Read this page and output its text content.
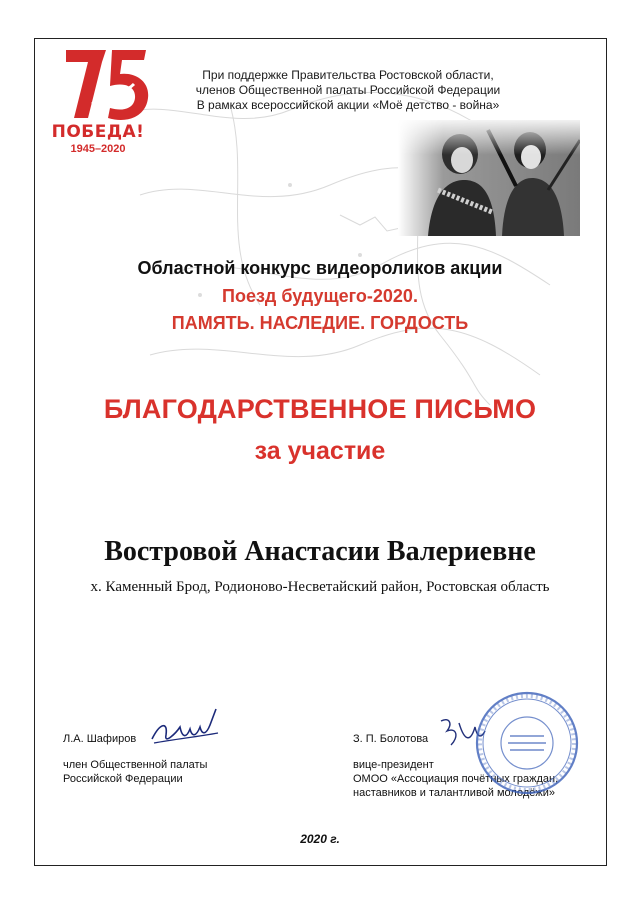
ПОБЕДА!
1945–2020
При поддержке Правительства Ростовской области,
членов Общественной палаты Российской Федерации
В рамках всероссийской акции «Моё детство - война»
Областной конкурс видеороликов акции
Поезд будущего-2020.
ПАМЯТЬ. НАСЛЕДИЕ. ГОРДОСТЬ
БЛАГОДАРСТВЕННОЕ ПИСЬМО
за участие
Востровой Анастасии Валериевне
х. Каменный Брод, Родионово-Несветайский район, Ростовская область
Л.А. Шафиров
член Общественной палаты
Российской Федерации
З. П. Болотова
вице-президент
ОМОО «Ассоциация почётных граждан,
наставников и талантливой молодёжи»
2020 г.
